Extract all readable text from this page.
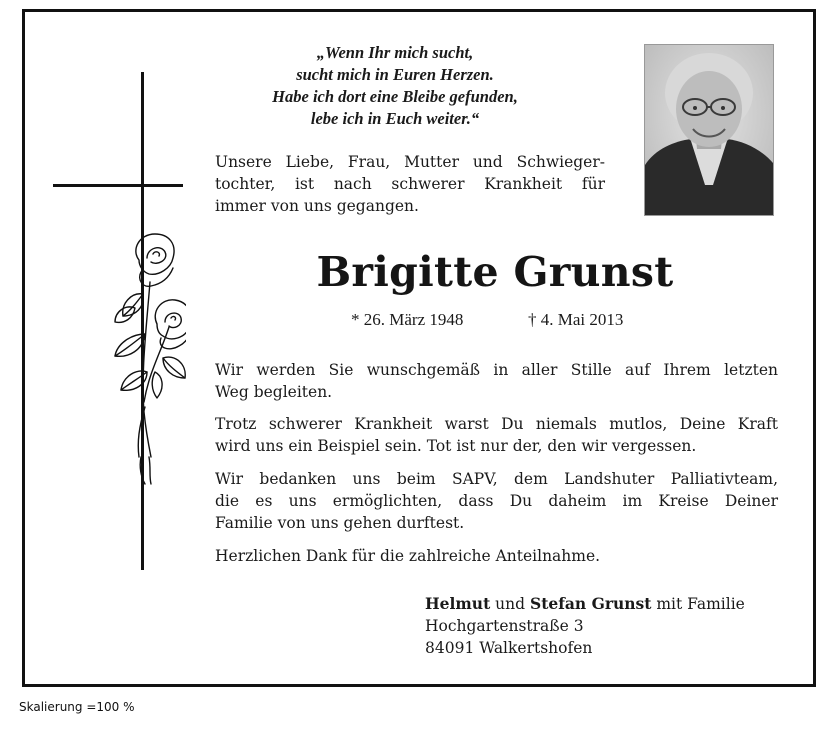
„Wenn Ihr mich sucht,
sucht mich in Euren Herzen.
Habe ich dort eine Bleibe gefunden,
lebe ich in Euch weiter.“
Unsere Liebe, Frau, Mutter und Schwieger-
tochter, ist nach schwerer Krankheit für
immer von uns gegangen.
Brigitte Grunst
* 26. März 1948	† 4. Mai 2013
Wir werden Sie wunschgemäß in aller Stille auf Ihrem letzten
Weg begleiten.
Trotz schwerer Krankheit warst Du niemals mutlos, Deine Kraft
wird uns ein Beispiel sein. Tot ist nur der, den wir vergessen.
Wir bedanken uns beim SAPV, dem Landshuter Palliativteam,
die es uns ermöglichten, dass Du daheim im Kreise Deiner
Familie von uns gehen durftest.
Herzlichen Dank für die zahlreiche Anteilnahme.
Helmut und Stefan Grunst mit Familie
Hochgartenstraße 3
84091 Walkertshofen
Skalierung =100 %
